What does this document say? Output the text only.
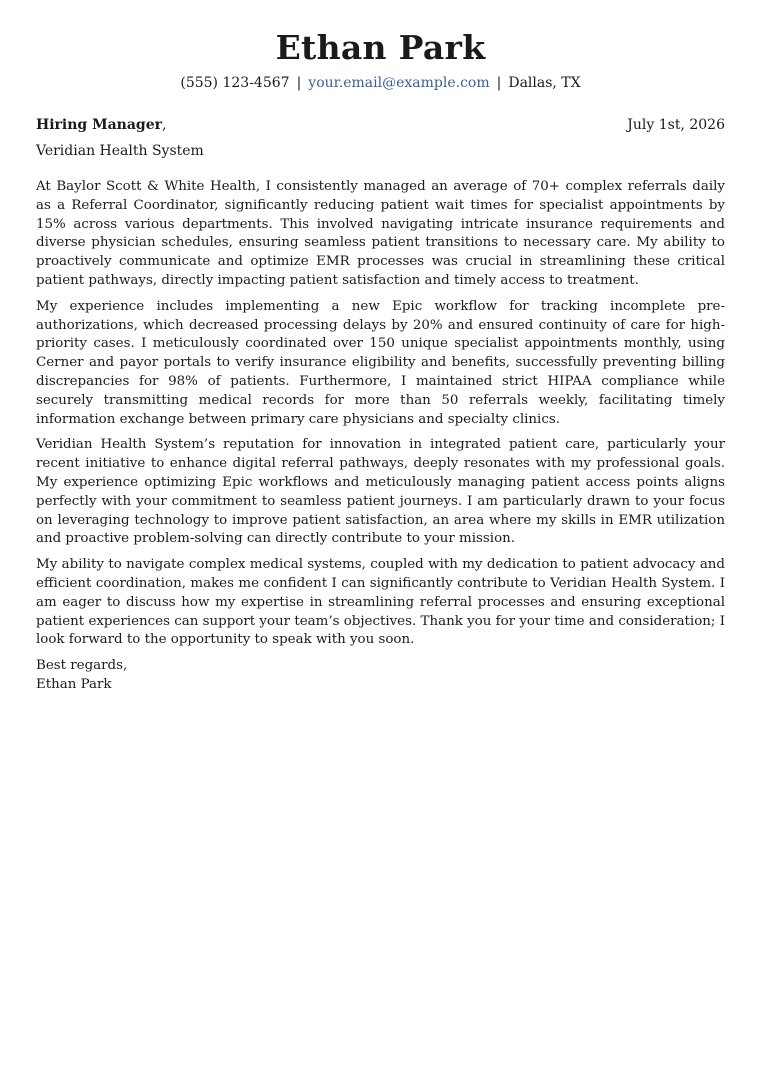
Ethan Park
(555) 123-4567 | your.email@example.com | Dallas, TX
Hiring Manager,	July 1st, 2026
Veridian Health System

At Baylor Scott & White Health, I consistently managed an average of 70+ complex referrals daily as a Referral Coordinator, significantly reducing patient wait times for specialist appointments by 15% across various departments. This involved navigating intricate insurance requirements and diverse physician schedules, ensuring seamless patient transitions to necessary care. My ability to proactively communicate and optimize EMR processes was crucial in streamlining these critical patient pathways, directly impacting patient satisfaction and timely access to treatment.

My experience includes implementing a new Epic workflow for tracking incomplete pre-authorizations, which decreased processing delays by 20% and ensured continuity of care for high-priority cases. I meticulously coordinated over 150 unique specialist appointments monthly, using Cerner and payor portals to verify insurance eligibility and benefits, successfully preventing billing discrepancies for 98% of patients. Furthermore, I maintained strict HIPAA compliance while securely transmitting medical records for more than 50 referrals weekly, facilitating timely information exchange between primary care physicians and specialty clinics.

Veridian Health System’s reputation for innovation in integrated patient care, particularly your recent initiative to enhance digital referral pathways, deeply resonates with my professional goals. My experience optimizing Epic workflows and meticulously managing patient access points aligns perfectly with your commitment to seamless patient journeys. I am particularly drawn to your focus on leveraging technology to improve patient satisfaction, an area where my skills in EMR utilization and proactive problem-solving can directly contribute to your mission.

My ability to navigate complex medical systems, coupled with my dedication to patient advocacy and efficient coordination, makes me confident I can significantly contribute to Veridian Health System. I am eager to discuss how my expertise in streamlining referral processes and ensuring exceptional patient experiences can support your team’s objectives. Thank you for your time and consideration; I look forward to the opportunity to speak with you soon.

Best regards,
Ethan Park
